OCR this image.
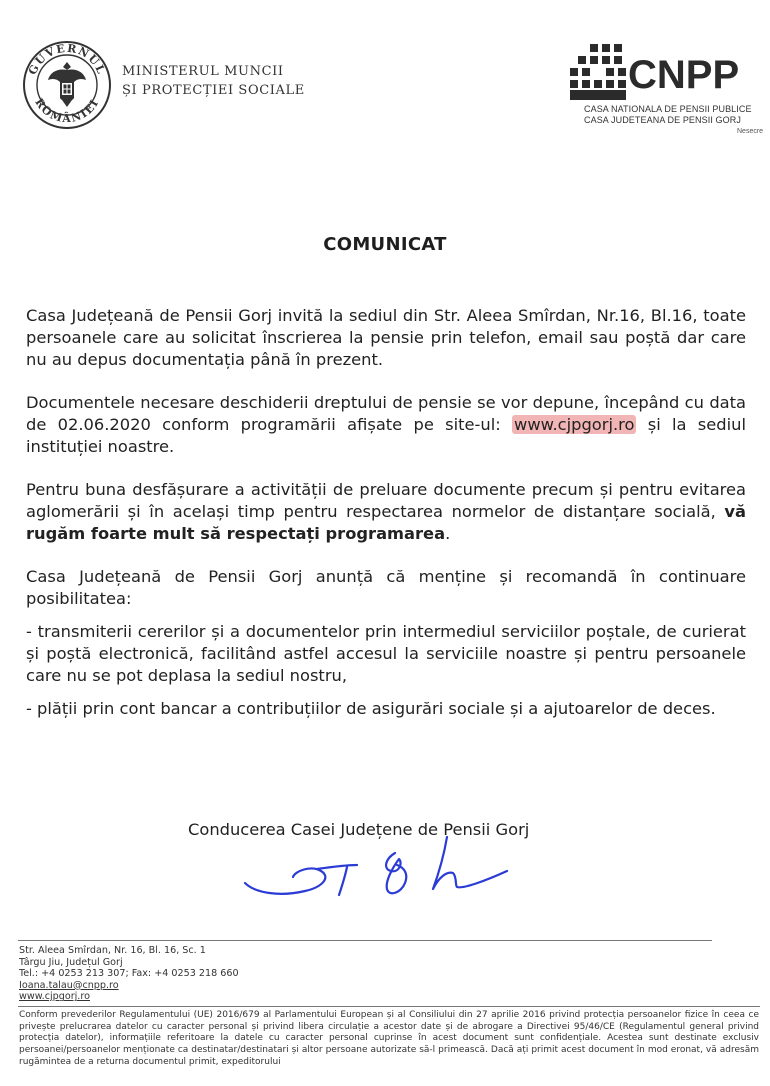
GUVERNUL
ROMÂNIEI
MINISTERUL MUNCII
ȘI PROTECȚIEI SOCIALE	CNPP
CASA NATIONALA DE PENSII PUBLICE
CASA JUDETEANA DE PENSII GORJ
Nesecre
COMUNICAT

Casa Județeană de Pensii Gorj invită la sediul din Str. Aleea Smîrdan, Nr.16, Bl.16, toate persoanele care au solicitat înscrierea la pensie prin telefon, email sau poștă dar care nu au depus documentația până în prezent.

Documentele necesare deschiderii dreptului de pensie se vor depune, începând cu data de 02.06.2020 conform programării afișate pe site-ul: www.cjpgorj.ro și la sediul instituției noastre.

Pentru buna desfășurare a activității de preluare documente precum și pentru evitarea aglomerării și în același timp pentru respectarea normelor de distanțare socială, vă rugăm foarte mult să respectați programarea.

Casa Județeană de Pensii Gorj anunță că menține și recomandă în continuare posibilitatea:

- transmiterii cererilor și a documentelor prin intermediul serviciilor poștale, de curierat și poștă electronică, facilitând astfel accesul la serviciile noastre și pentru persoanele care nu se pot deplasa la sediul nostru,

- plății prin cont bancar a contribuțiilor de asigurări sociale și a ajutoarelor de deces.

Conducerea Casei Județene de Pensii Gorj
Str. Aleea Smîrdan, Nr. 16, Bl. 16, Sc. 1
Târgu Jiu, Județul Gorj
Tel.: +4 0253 213 307; Fax: +4 0253 218 660
Ioana.talau@cnpp.ro
www.cjpgorj.ro
Conform prevederilor Regulamentului (UE) 2016/679 al Parlamentului European și al Consiliului din 27 aprilie 2016 privind protecția persoanelor fizice în ceea ce privește prelucrarea datelor cu caracter personal și privind libera circulație a acestor date și de abrogare a Directivei 95/46/CE (Regulamentul general privind protecția datelor), informațiile referitoare la datele cu caracter personal cuprinse în acest document sunt confidențiale. Acestea sunt destinate exclusiv persoanei/persoanelor menționate ca destinatar/destinatari și altor persoane autorizate să-l primească. Dacă ați primit acest document în mod eronat, vă adresăm rugămintea de a returna documentul primit, expeditorului
